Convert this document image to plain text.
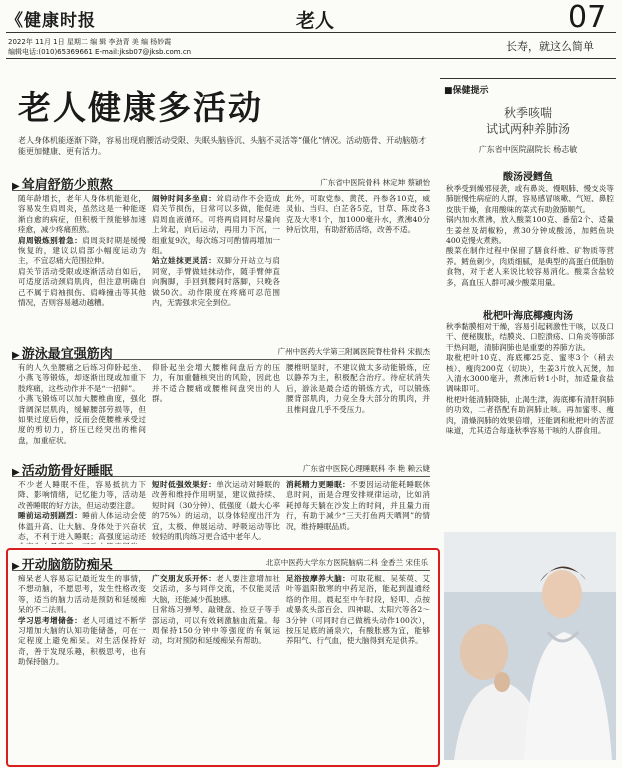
《健康时报	老人	07
2022年 11月 1日 星期二 编 辑 李劲青 美 编 杨妙霞
编辑电话:(010)65369661 E-mail:jksb07@jksb.com.cn	长寿，就这么简单
老人健康多活动
老人身体机能逐渐下降，容易出现肩腰活动受限、失眠头脑昏沉、头脑不灵活等“僵化”情况。活动筋骨、开动脑筋才能更加健康、更有活力。
▶ 耸肩舒筋少煎熬	广东省中医院骨科 林定坤 蔡穎怡
随年龄增长，老年人身体机能退化，容易发生肩周炎，虽然这是一种能逐渐自愈的病症，但积极干预能够加速痊愈，减少疼痛煎熬。
肩周锻炼别着急：肩周炎时期是缓慢恢复的，建议以肩部小幅度运动为主，不宜忍痛大范围拉伸。
肩关节活动受限或逐渐活动自如后，可适度活动颈肩肌肉，但注意明确自己不属于肩袖损伤、肩峰撞击等其他情况，否则容易越动越糟。
闹钟时间多坐肩：耸肩动作不会造成肩关节损伤，日常可以多做，能促进肩周血液循环。可将两肩同时尽量向上耸起，向后运动，再用力下沉，一组重复9次，每次练习可酌情再增加一组。
站立娃抹更灵活：双脚分开站立与肩同宽，手臂做娃抹动作，随手臂伸直向胸脚，手回到腰间时落脚，只晚各做50次。动作限度在疼痛可忍范围内，无需强求完全到位。
此外，可取党参、黄芪、丹参各10克，威灵仙、当归、白芷各5克，甘草、陈皮各3克及大枣1个，加1000毫升水，煮沸40分钟后饮用，有助舒筋活络，改善不适。
▶ 游泳最宜强筋肉	广州中医药大学第三附属医院脊柱骨科 宋振杰
有的人久坐腰痛之后练习仰卧起坐、小燕飞等锻炼，却逐渐出现或加重下肢疼痛，这些动作并不是“一招鲜”。
小燕飞锻炼可以加大腰椎曲度，强化背阔深层肌肉，缓解腰部劳损等，但如果过度后伸，反而会使腰椎承受过度的剪切力，挤压已经突出的椎间盘，加重症状。
仰卧起坐会增大腰椎间盘后方的压力，有加重髓核突出的风险，因此也并不适合腰痛或腰椎间盘突出的人群。
腰椎明显时，不建议做太多动能锻炼，应以静养为主，积极配合治疗。待症状消失后，游泳是最合适的锻炼方式，可以锻炼腰背部肌肉，力竞全身大部分的肌肉，并且椎间盘几乎不受压力。
▶ 活动筋骨好睡眠	广东省中医院心理睡眠科 李 艳 赖云婕
不少老人睡眠不佳，容易抵抗力下降、影响情绪，记忆能力等，活动是改善睡眠的好方法，但运动要注意。
睡前运动别剧烈：睡前人体运动会使体温升高、让大脑、身体处于兴奋状态，不利于进入睡眠；高强度运动还
短时低强效果好：单次运动对睡眠的改善和维持作用明显，建议做持续、短时间（30分钟）、低强度（最大心率的75%）的运动，以身体轻度出汗为宜，太极、伸展运动、呼吸运动等比较轻的肌肉练习更合适中老年人。
消耗精力更睡眠：不要因运动能耗睡眠休息时间，而是合理安排规律运动，比如消耗掉每天躺在沙发上的时间，并且量力而行，有助于减少“三天打鱼两天晒网”的情况，维持睡眠品质。
▶ 开动脑筋防痴呆	北京中医药大学东方医院脑病二科 金香兰 宋佳乐
痴呆老人容易忘记最近发生的事情，不想动脑，不愿思考，发生性格改变等，适当的脑力活动是预防和延缓痴呆的不二法则。
学习思考增储备：老人可通过不断学习增加大脑的认知功能储备，可在一定程度上避免痴呆。对生活保持好奇，善于发现乐趣，积极思考，也有助保持脑力。
广交朋友乐开怀：老人要注意增加社交活动，多与同伴交流，不仅能灵活大脑，还能减少孤独感。
日常练习弹琴、敲键盘、捡豆子等手部运动，可以有效刺激脑血流量。每周保持150分钟中等强度的有氧运动，均对预防和延缓痴呆有帮助。
足浴按摩养大脑：可取花椒、吴茱萸、艾叶等温阳散寒的中药足浴，能起到温通经络的作用。晨起至中午时段，轻叩、点按或暴炙头部百会、四神聪、太阳穴等各2～3分钟（可同时自己做梳头动作100次），按压足底的涌泉穴，有酸胀感为宜，能够养阳气、行气血，使大脑得到充足供养。
■保健提示
秋季咳喘
试试两种养肺汤
广东省中医院副院长 杨志敏
酸汤浸鳕鱼
秋季受到燥邪侵袭，或有鼻炎、慢咽肺、慢支炎等肺脏慢性病症的人群，容易感冒咳嗽、气短、鼻腔皮肤干燥，食用酸味的菜式有助敛肺顺气。
锅内加水煮沸，放入酸菜100克、番茄2个、适量生姜丝及胡椒粉，煮30分钟成酸汤，加鳕鱼块400克慢火煮熟。
酸菜在制作过程中保留了膳食纤维、矿物质等营养。鳕鱼刺少，肉质细腻，是典型的高蛋白低脂肪食物，对于老人来说比较容易消化。酸菜含盐较多，高血压人群可减少酸菜用量。
枇杷叶海底椰瘦肉汤
秋季黏膜相对干燥，容易引起刺激性干咳，以及口干、便秘腹胀，结膜炎、口腔溃疡、口角炎等肺部干热问题，清肺润肺也是重要的养肺方法。
取枇杷叶10克、海底椰25克、蜜枣3个（稍去核）、瘦肉200克（切块），生姜3片放入瓦煲，加入清水3000毫升，煮沸后转1小时，加适量食盐调味即可。
枇杷叶能清肺降肺，止渴生津，海底椰有清肝润肺的功效，二者搭配有助润肺止咳。再加蜜枣、瘦肉，清燥润肺的效果倍增，还能调和枇杷叶的苦涩味道，尤其适合每逢秋季容易干咳的人群食用。
